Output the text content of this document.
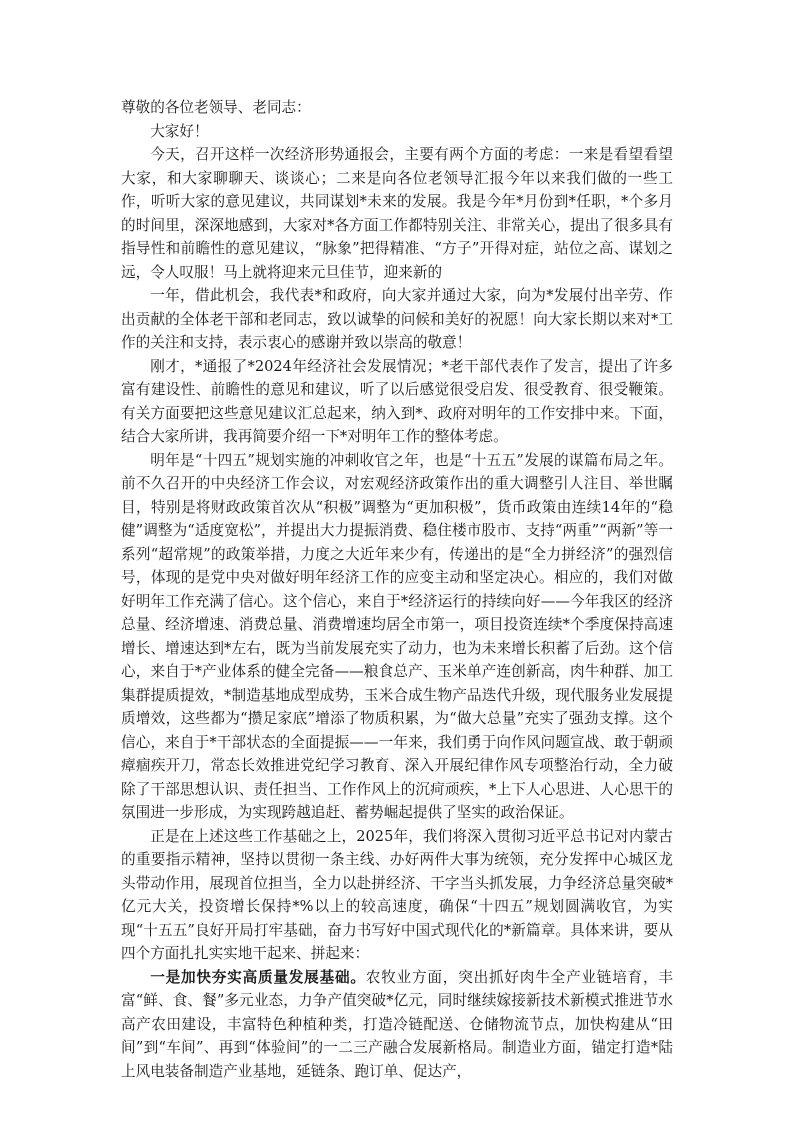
尊敬的各位老领导、老同志：

大家好！

今天，召开这样一次经济形势通报会，主要有两个方面的考虑：一来是看望看望大家，和大家聊聊天、谈谈心；二来是向各位老领导汇报今年以来我们做的一些工作，听听大家的意见建议，共同谋划*未来的发展。我是今年*月份到*任职，*个多月的时间里，深深地感到，大家对*各方面工作都特别关注、非常关心，提出了很多具有指导性和前瞻性的意见建议，“脉象”把得精准、“方子”开得对症，站位之高、谋划之远，令人叹服！马上就将迎来元旦佳节，迎来新的

一年，借此机会，我代表*和政府，向大家并通过大家，向为*发展付出辛劳、作出贡献的全体老干部和老同志，致以诚挚的问候和美好的祝愿！向大家长期以来对*工作的关注和支持，表示衷心的感谢并致以崇高的敬意！

刚才，*通报了*2024年经济社会发展情况；*老干部代表作了发言，提出了许多富有建设性、前瞻性的意见和建议，听了以后感觉很受启发、很受教育、很受鞭策。有关方面要把这些意见建议汇总起来，纳入到*、政府对明年的工作安排中来。下面，结合大家所讲，我再简要介绍一下*对明年工作的整体考虑。

明年是“十四五”规划实施的冲刺收官之年，也是“十五五”发展的谋篇布局之年。前不久召开的中央经济工作会议，对宏观经济政策作出的重大调整引人注目、举世瞩目，特别是将财政政策首次从“积极”调整为“更加积极”，货币政策由连续14年的“稳健”调整为“适度宽松”，并提出大力提振消费、稳住楼市股市、支持“两重”“两新”等一系列“超常规”的政策举措，力度之大近年来少有，传递出的是“全力拼经济”的强烈信号，体现的是党中央对做好明年经济工作的应变主动和坚定决心。相应的，我们对做好明年工作充满了信心。这个信心，来自于*经济运行的持续向好——今年我区的经济总量、经济增速、消费总量、消费增速均居全市第一，项目投资连续*个季度保持高速增长、增速达到*左右，既为当前发展充实了动力，也为未来增长积蓄了后劲。这个信心，来自于*产业体系的健全完备——粮食总产、玉米单产连创新高，肉牛种群、加工集群提质提效，*制造基地成型成势，玉米合成生物产品迭代升级，现代服务业发展提质增效，这些都为“攒足家底”增添了物质积累，为“做大总量”充实了强劲支撑。这个信心，来自于*干部状态的全面提振——一年来，我们勇于向作风问题宣战、敢于朝顽瘴痼疾开刀，常态长效推进党纪学习教育、深入开展纪律作风专项整治行动，全力破除了干部思想认识、责任担当、工作作风上的沉疴顽疾，*上下人心思进、人心思干的氛围进一步形成，为实现跨越追赶、蓄势崛起提供了坚实的政治保证。

正是在上述这些工作基础之上，2025年，我们将深入贯彻习近平总书记对内蒙古的重要指示精神，坚持以贯彻一条主线、办好两件大事为统领，充分发挥中心城区龙头带动作用，展现首位担当，全力以赴拼经济、干字当头抓发展，力争经济总量突破*亿元大关，投资增长保持*%以上的较高速度，确保“十四五”规划圆满收官，为实现“十五五”良好开局打牢基础，奋力书写好中国式现代化的*新篇章。具体来讲，要从四个方面扎扎实实地干起来、拼起来：

一是加快夯实高质量发展基础。农牧业方面，突出抓好肉牛全产业链培育，丰富“鲜、食、餐”多元业态，力争产值突破*亿元，同时继续嫁接新技术新模式推进节水高产农田建设，丰富特色种植种类，打造冷链配送、仓储物流节点，加快构建从“田间”到“车间”、再到“体验间”的一二三产融合发展新格局。制造业方面，锚定打造*陆上风电装备制造产业基地，延链条、跑订单、促达产，
